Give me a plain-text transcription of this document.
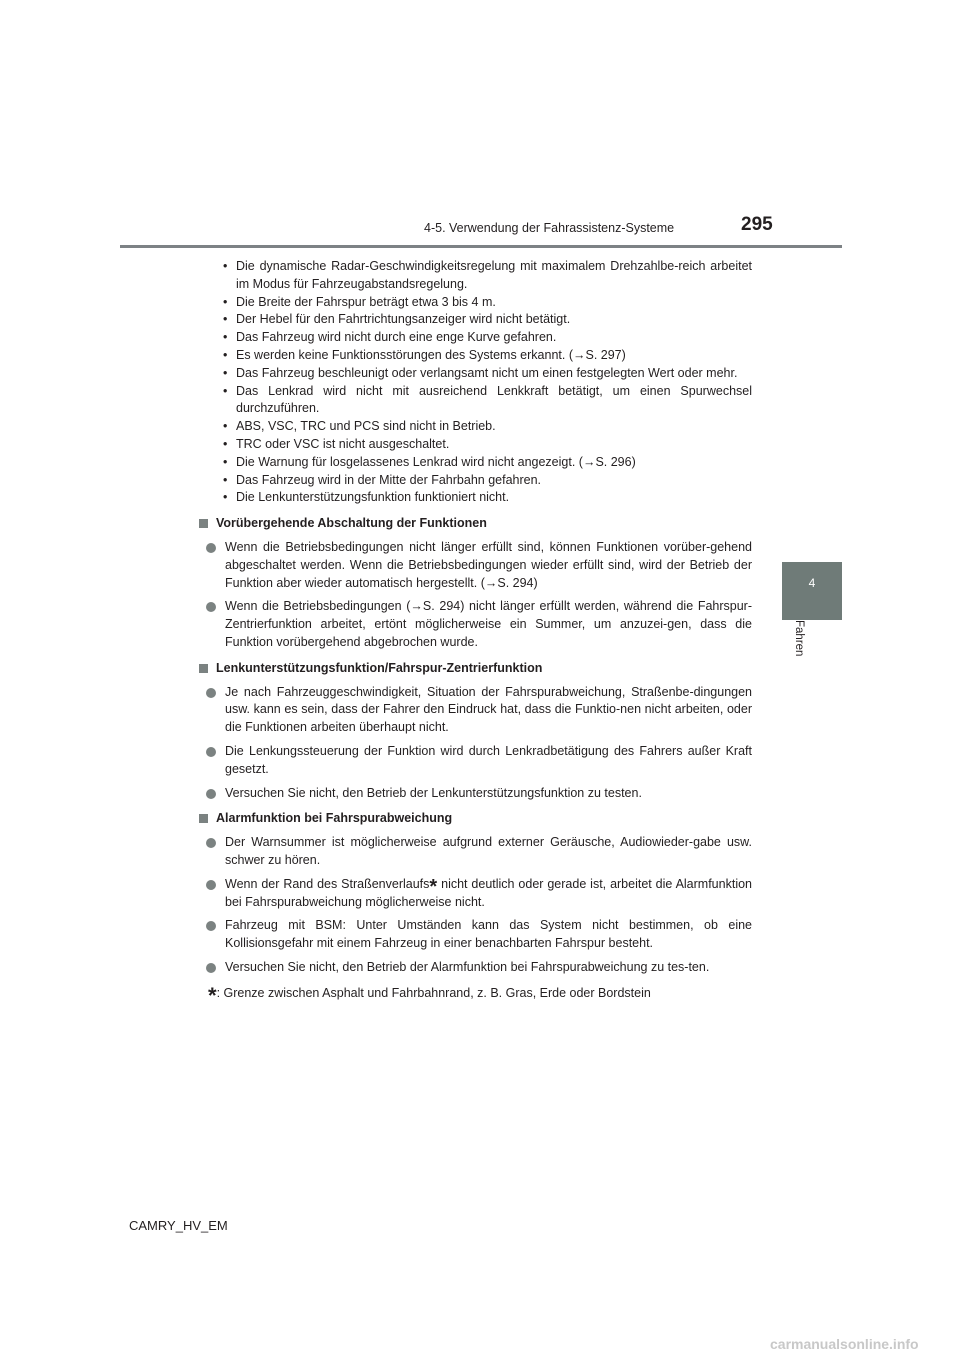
4-5. Verwendung der Fahrassistenz-Systeme	295
4
Fahren
• Die dynamische Radar-Geschwindigkeitsregelung mit maximalem Drehzahlbe-reich arbeitet im Modus für Fahrzeugabstandsregelung.
• Die Breite der Fahrspur beträgt etwa 3 bis 4 m.
• Der Hebel für den Fahrtrichtungsanzeiger wird nicht betätigt.
• Das Fahrzeug wird nicht durch eine enge Kurve gefahren.
• Es werden keine Funktionsstörungen des Systems erkannt. (→S. 297)
• Das Fahrzeug beschleunigt oder verlangsamt nicht um einen festgelegten Wert oder mehr.
• Das Lenkrad wird nicht mit ausreichend Lenkkraft betätigt, um einen Spurwechsel durchzuführen.
• ABS, VSC, TRC und PCS sind nicht in Betrieb.
• TRC oder VSC ist nicht ausgeschaltet.
• Die Warnung für losgelassenes Lenkrad wird nicht angezeigt. (→S. 296)
• Das Fahrzeug wird in der Mitte der Fahrbahn gefahren.
• Die Lenkunterstützungsfunktion funktioniert nicht.
Vorübergehende Abschaltung der Funktionen
Wenn die Betriebsbedingungen nicht länger erfüllt sind, können Funktionen vorüber-gehend abgeschaltet werden. Wenn die Betriebsbedingungen wieder erfüllt sind, wird der Betrieb der Funktion aber wieder automatisch hergestellt. (→S. 294)
Wenn die Betriebsbedingungen (→S. 294) nicht länger erfüllt werden, während die Fahrspur-Zentrierfunktion arbeitet, ertönt möglicherweise ein Summer, um anzuzei-gen, dass die Funktion vorübergehend abgebrochen wurde.
Lenkunterstützungsfunktion/Fahrspur-Zentrierfunktion
Je nach Fahrzeuggeschwindigkeit, Situation der Fahrspurabweichung, Straßenbe-dingungen usw. kann es sein, dass der Fahrer den Eindruck hat, dass die Funktio-nen nicht arbeiten, oder die Funktionen arbeiten überhaupt nicht.
Die Lenkungssteuerung der Funktion wird durch Lenkradbetätigung des Fahrers außer Kraft gesetzt.
Versuchen Sie nicht, den Betrieb der Lenkunterstützungsfunktion zu testen.
Alarmfunktion bei Fahrspurabweichung
Der Warnsummer ist möglicherweise aufgrund externer Geräusche, Audiowieder-gabe usw. schwer zu hören.
Wenn der Rand des Straßenverlaufs* nicht deutlich oder gerade ist, arbeitet die Alarmfunktion bei Fahrspurabweichung möglicherweise nicht.
Fahrzeug mit BSM: Unter Umständen kann das System nicht bestimmen, ob eine Kollisionsgefahr mit einem Fahrzeug in einer benachbarten Fahrspur besteht.
Versuchen Sie nicht, den Betrieb der Alarmfunktion bei Fahrspurabweichung zu tes-ten.
*: Grenze zwischen Asphalt und Fahrbahnrand, z. B. Gras, Erde oder Bordstein
CAMRY_HV_EM
carmanualsonline.info
